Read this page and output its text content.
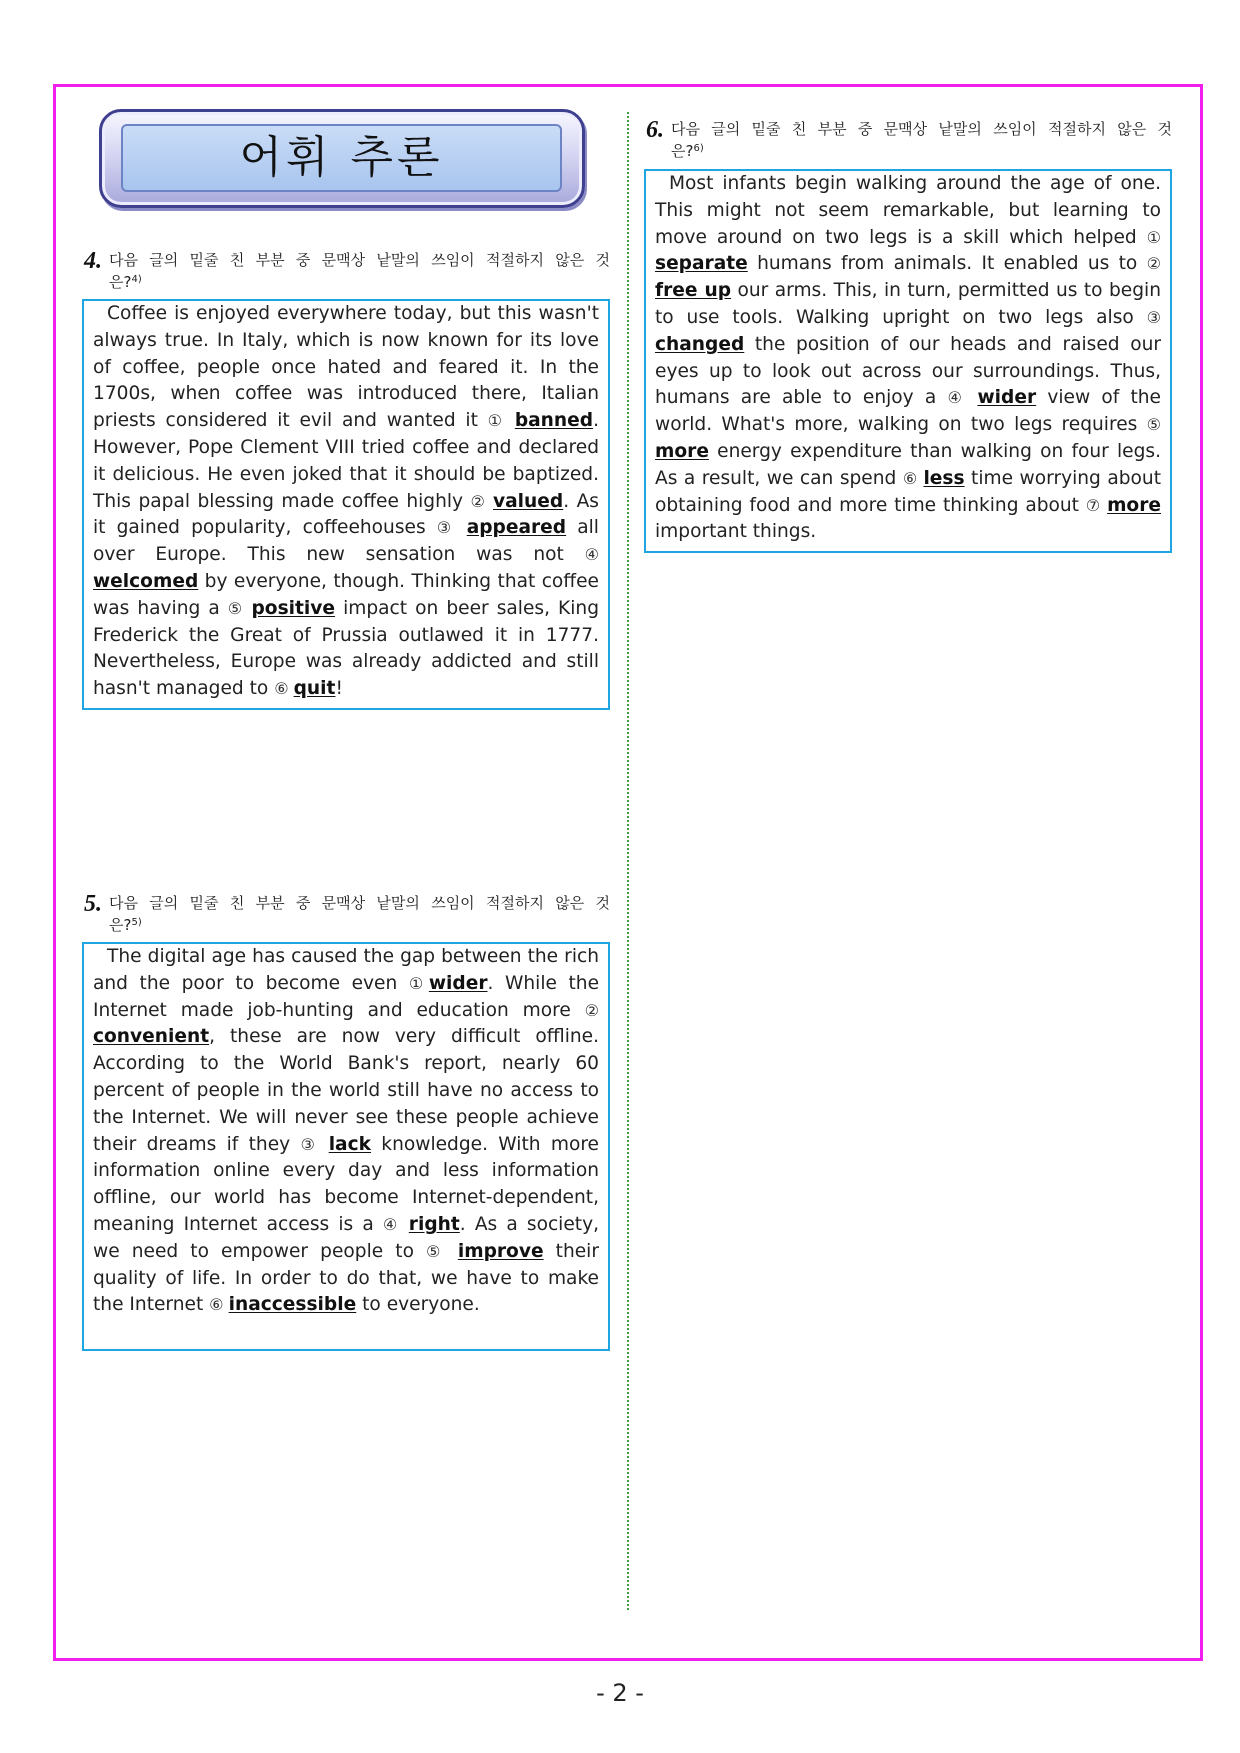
어휘 추론
4. 다음 글의 밑줄 친 부분 중 문맥상 낱말의 쓰임이 적절하지 않은 것
은?$^{4)}$

Coffee is enjoyed everywhere today, but this wasn't always true. In Italy, which is now known for its love of coffee, people once hated and feared it. In the 1700s, when coffee was introduced there, Italian priests considered it evil and wanted it ① banned. However, Pope Clement VIII tried coffee and declared it delicious. He even joked that it should be baptized. This papal blessing made coffee highly ② valued. As it gained popularity, coffeehouses ③ appeared all over Europe. This new sensation was not ④ welcomed by everyone, though. Thinking that coffee was having a ⑤ positive impact on beer sales, King Frederick the Great of Prussia outlawed it in 1777. Nevertheless, Europe was already addicted and still hasn't managed to ⑥ quit!

5. 다음 글의 밑줄 친 부분 중 문맥상 낱말의 쓰임이 적절하지 않은 것
은?$^{5)}$

The digital age has caused the gap between the rich and the poor to become even ①wider. While the Internet made job-hunting and education more ② convenient, these are now very difficult offline. According to the World Bank's report, nearly 60 percent of people in the world still have no access to the Internet. We will never see these people achieve their dreams if they ③ lack knowledge. With more information online every day and less information offline, our world has become Internet-dependent, meaning Internet access is a ④ right. As a society, we need to empower people to ⑤ improve their quality of life. In order to do that, we have to make the Internet ⑥ inaccessible to everyone.

6. 다음 글의 밑줄 친 부분 중 문맥상 낱말의 쓰임이 적절하지 않은 것
은?$^{6)}$

Most infants begin walking around the age of one. This might not seem remarkable, but learning to move around on two legs is a skill which helped ① separate humans from animals. It enabled us to ② free up our arms. This, in turn, permitted us to begin to use tools. Walking upright on two legs also ③ changed the position of our heads and raised our eyes up to look out across our surroundings. Thus, humans are able to enjoy a ④ wider view of the world. What's more, walking on two legs requires ⑤ more energy expenditure than walking on four legs. As a result, we can spend ⑥ less time worrying about obtaining food and more time thinking about ⑦ more important things.

- 2 -
